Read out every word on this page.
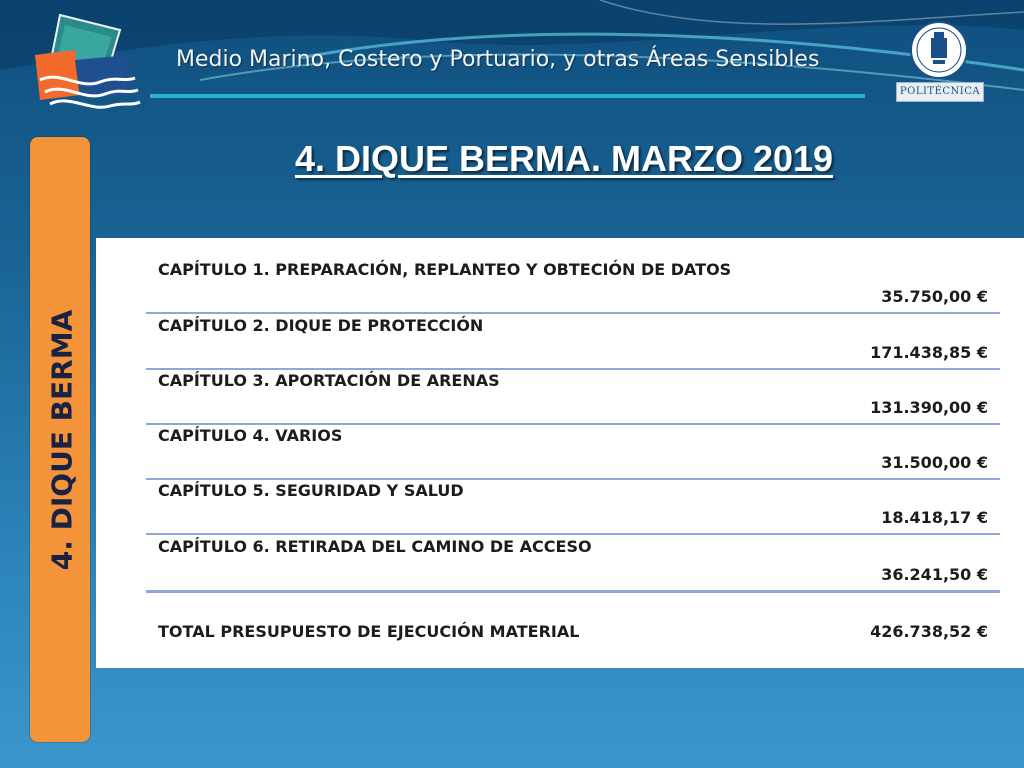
Medio Marino, Costero y Portuario, y otras Áreas Sensibles
POLITÉCNICA
4. DIQUE BERMA
4. DIQUE BERMA. MARZO 2019
CAPÍTULO 1. PREPARACIÓN, REPLANTEO Y OBTECIÓN DE DATOS
35.750,00 €
CAPÍTULO 2. DIQUE DE PROTECCIÓN
171.438,85 €
CAPÍTULO 3. APORTACIÓN DE ARENAS
131.390,00 €
CAPÍTULO 4. VARIOS
31.500,00 €
CAPÍTULO 5. SEGURIDAD Y SALUD
18.418,17 €
CAPÍTULO 6. RETIRADA DEL CAMINO DE ACCESO
36.241,50 €
TOTAL PRESUPUESTO DE EJECUCIÓN MATERIAL	426.738,52 €
